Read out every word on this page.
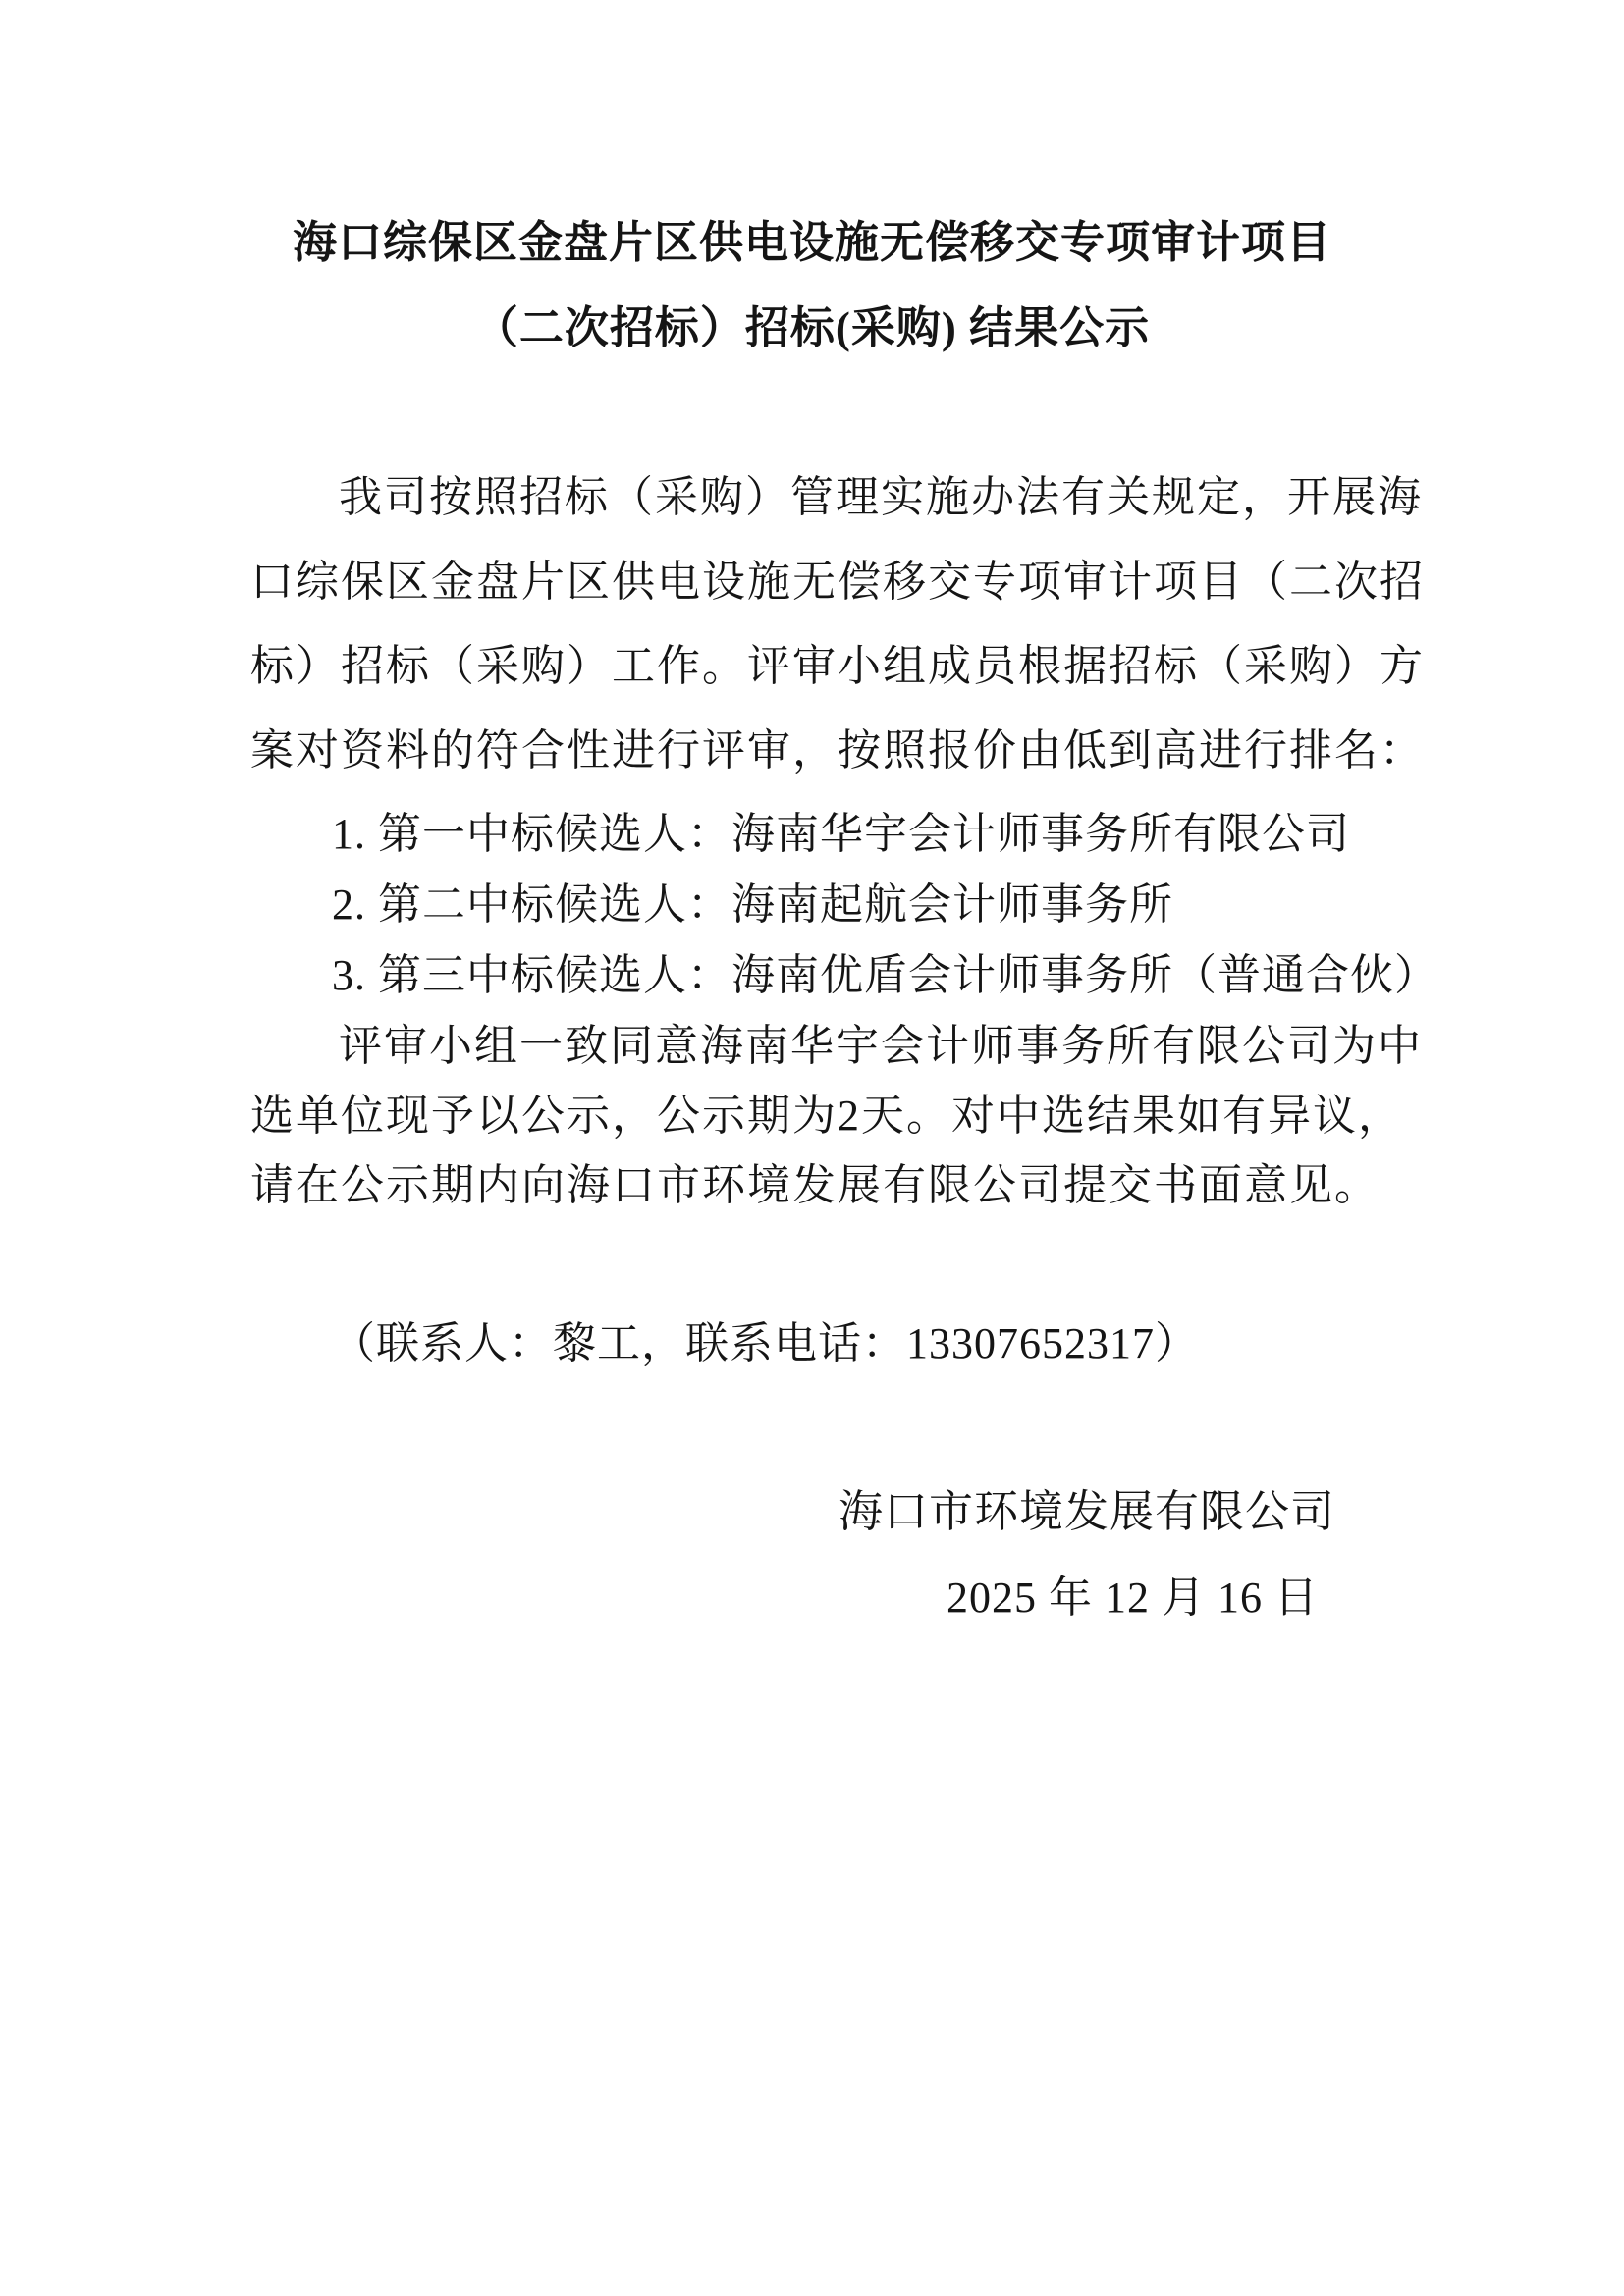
海口综保区金盘片区供电设施无偿移交专项审计项目
（二次招标）招标(采购) 结果公示
我司按照招标（采购）管理实施办法有关规定，开展海
口综保区金盘片区供电设施无偿移交专项审计项目（二次招
标）招标（采购）工作。评审小组成员根据招标（采购）方
案对资料的符合性进行评审，按照报价由低到高进行排名：
1. 第一中标候选人：海南华宇会计师事务所有限公司
2. 第二中标候选人：海南起航会计师事务所
3. 第三中标候选人：海南优盾会计师事务所（普通合伙）
评审小组一致同意海南华宇会计师事务所有限公司为中
选单位现予以公示，公示期为2天。对中选结果如有异议，
请在公示期内向海口市环境发展有限公司提交书面意见。
（联系人：黎工，联系电话：13307652317）
海口市环境发展有限公司
2025 年 12 月 16 日
